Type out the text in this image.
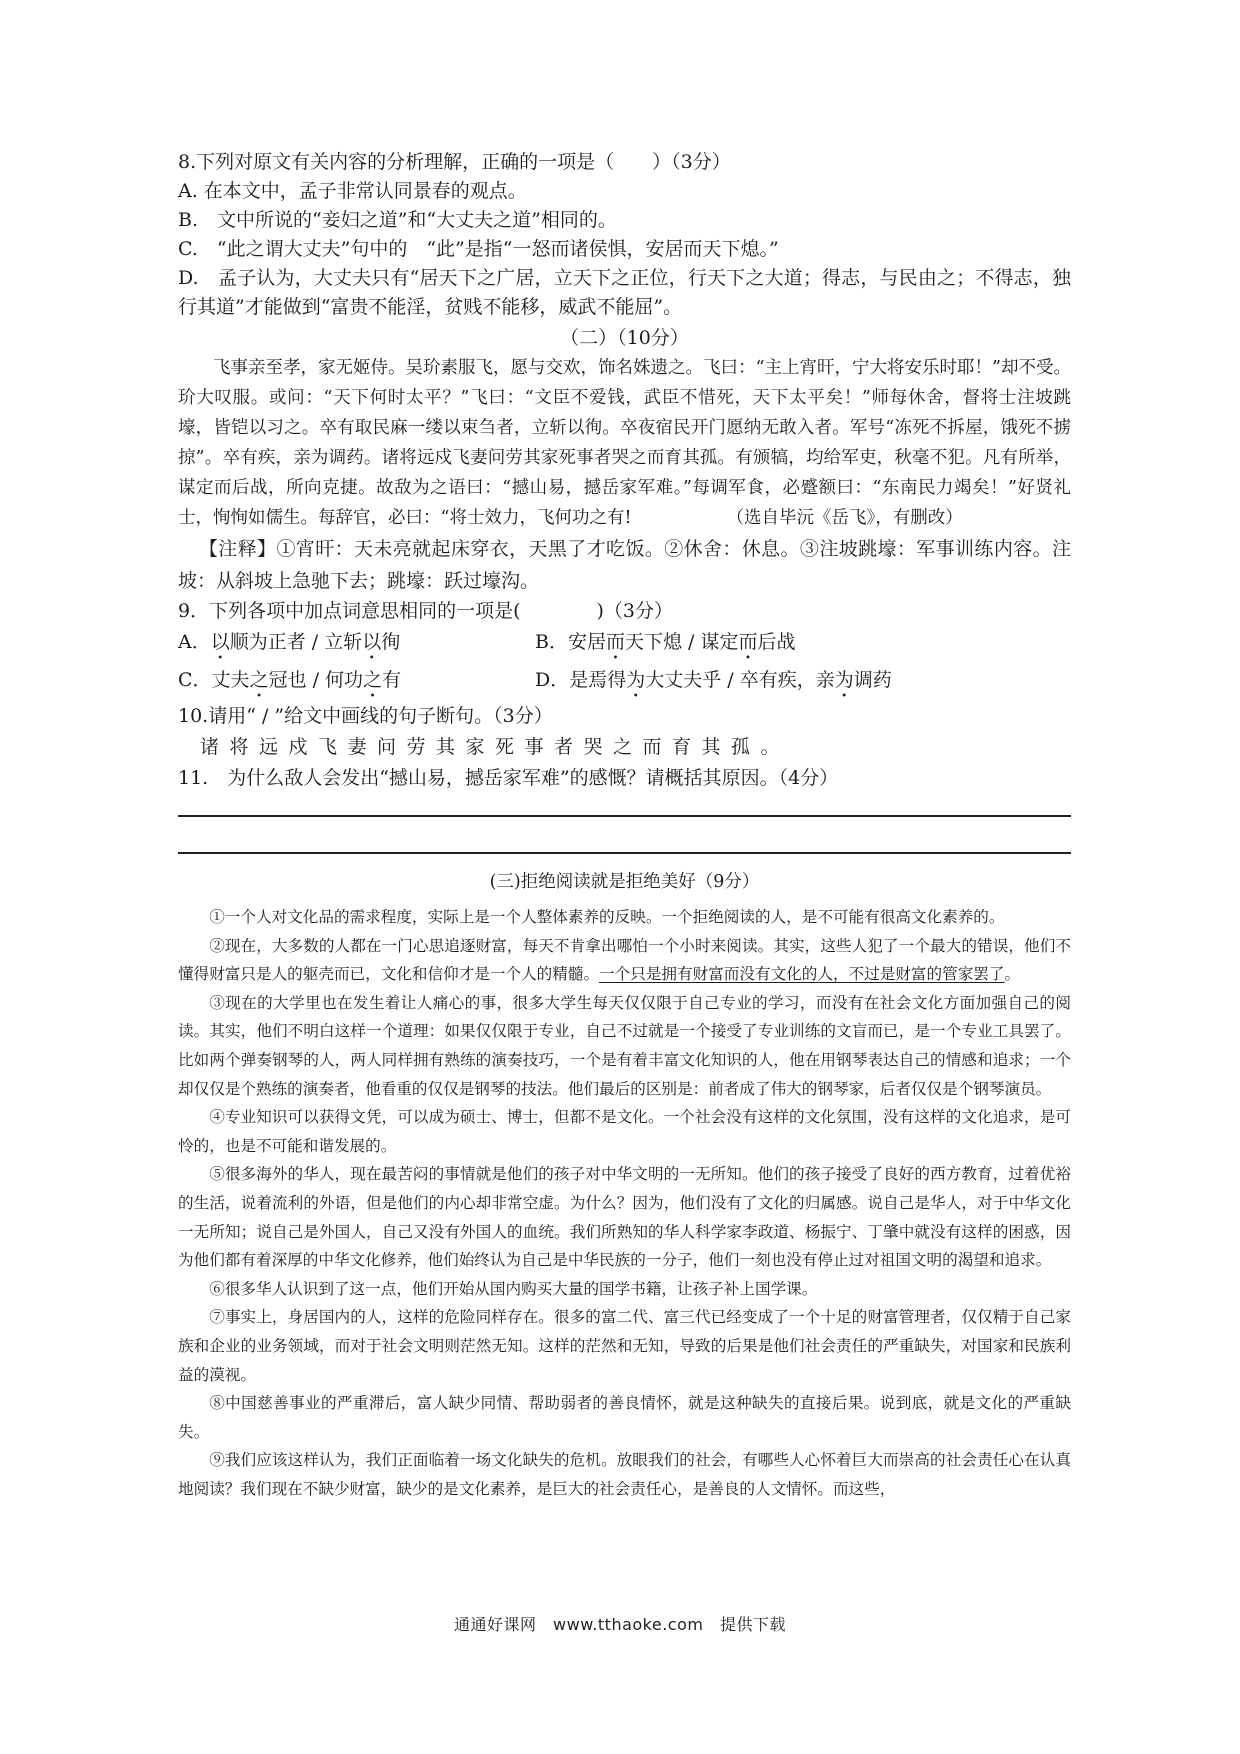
8.下列对原文有关内容的分析理解，正确的一项是（　　）（3分）
A. 在本文中，孟子非常认同景春的观点。
B.　文中所说的“妾妇之道”和“大丈夫之道”相同的。
C.　“此之谓大丈夫”句中的　“此”是指“一怒而诸侯惧，安居而天下熄。”
D.　孟子认为，大丈夫只有“居天下之广居，立天下之正位，行天下之大道；得志，与民由之；不得志，独行其道”才能做到“富贵不能淫，贫贱不能移，威武不能屈”。
（二）（10分）
飞事亲至孝，家无姬侍。吴玠素服飞，愿与交欢，饰名姝遗之。飞曰：“主上宵旰，宁大将安乐时耶！”却不受。玠大叹服。或问：“天下何时太平？”飞曰：“文臣不爱钱，武臣不惜死，天下太平矣！”师每休舍，督将士注坡跳壕，皆铠以习之。卒有取民麻一缕以束刍者，立斩以徇。卒夜宿民开门愿纳无敢入者。军号“冻死不拆屋，饿死不掳掠”。卒有疾，亲为调药。诸将远戍飞妻问劳其家死事者哭之而育其孤。有颁犒，均给军吏，秋毫不犯。凡有所举，谋定而后战，所向克捷。故敌为之语曰：“撼山易，撼岳家军难。”每调军食，必蹙额曰：“东南民力竭矣！”好贤礼士，恂恂如儒生。每辞官，必曰：“将士效力，飞何功之有!	（选自毕沅《岳飞》，有删改）
【注释】①宵旰：天未亮就起床穿衣，天黑了才吃饭。②休舍：休息。③注坡跳壕：军事训练内容。注坡：从斜坡上急驰下去；跳壕：跃过壕沟。
9．下列各项中加点词意思相同的一项是(　　　　)（3分）
A．以顺为正者 / 立斩以徇	B．安居而天下熄 / 谋定而后战
C．丈夫之冠也 / 何功之有	D．是焉得为大丈夫乎 / 卒有疾，亲为调药
10.请用“ / ”给文中画线的句子断句。（3分）
诸将远戍飞妻问劳其家死事者哭之而育其孤。
11.　为什么敌人会发出“撼山易，撼岳家军难”的感慨？请概括其原因。（4分）
(三)拒绝阅读就是拒绝美好（9分）
①一个人对文化品的需求程度，实际上是一个人整体素养的反映。一个拒绝阅读的人，是不可能有很高文化素养的。
②现在，大多数的人都在一门心思追逐财富，每天不肯拿出哪怕一个小时来阅读。其实，这些人犯了一个最大的错误，他们不懂得财富只是人的躯壳而已，文化和信仰才是一个人的精髓。一个只是拥有财富而没有文化的人，不过是财富的管家罢了。
③现在的大学里也在发生着让人痛心的事，很多大学生每天仅仅限于自己专业的学习，而没有在社会文化方面加强自己的阅读。其实，他们不明白这样一个道理：如果仅仅限于专业，自己不过就是一个接受了专业训练的文盲而已，是一个专业工具罢了。比如两个弹奏钢琴的人，两人同样拥有熟练的演奏技巧，一个是有着丰富文化知识的人，他在用钢琴表达自己的情感和追求；一个却仅仅是个熟练的演奏者，他看重的仅仅是钢琴的技法。他们最后的区别是：前者成了伟大的钢琴家，后者仅仅是个钢琴演员。
④专业知识可以获得文凭，可以成为硕士、博士，但都不是文化。一个社会没有这样的文化氛围，没有这样的文化追求，是可怜的，也是不可能和谐发展的。
⑤很多海外的华人，现在最苦闷的事情就是他们的孩子对中华文明的一无所知。他们的孩子接受了良好的西方教育，过着优裕的生活，说着流利的外语，但是他们的内心却非常空虚。为什么？因为，他们没有了文化的归属感。说自己是华人，对于中华文化一无所知；说自己是外国人，自己又没有外国人的血统。我们所熟知的华人科学家李政道、杨振宁、丁肇中就没有这样的困惑，因为他们都有着深厚的中华文化修养，他们始终认为自己是中华民族的一分子，他们一刻也没有停止过对祖国文明的渴望和追求。
⑥很多华人认识到了这一点，他们开始从国内购买大量的国学书籍，让孩子补上国学课。
⑦事实上，身居国内的人，这样的危险同样存在。很多的富二代、富三代已经变成了一个十足的财富管理者，仅仅精于自己家族和企业的业务领域，而对于社会文明则茫然无知。这样的茫然和无知，导致的后果是他们社会责任的严重缺失，对国家和民族利益的漠视。
⑧中国慈善事业的严重滞后，富人缺少同情、帮助弱者的善良情怀，就是这种缺失的直接后果。说到底，就是文化的严重缺失。
⑨我们应该这样认为，我们正面临着一场文化缺失的危机。放眼我们的社会，有哪些人心怀着巨大而崇高的社会责任心在认真地阅读？我们现在不缺少财富，缺少的是文化素养，是巨大的社会责任心，是善良的人文情怀。而这些，
通通好课网　www.tthaoke.com　提供下载
